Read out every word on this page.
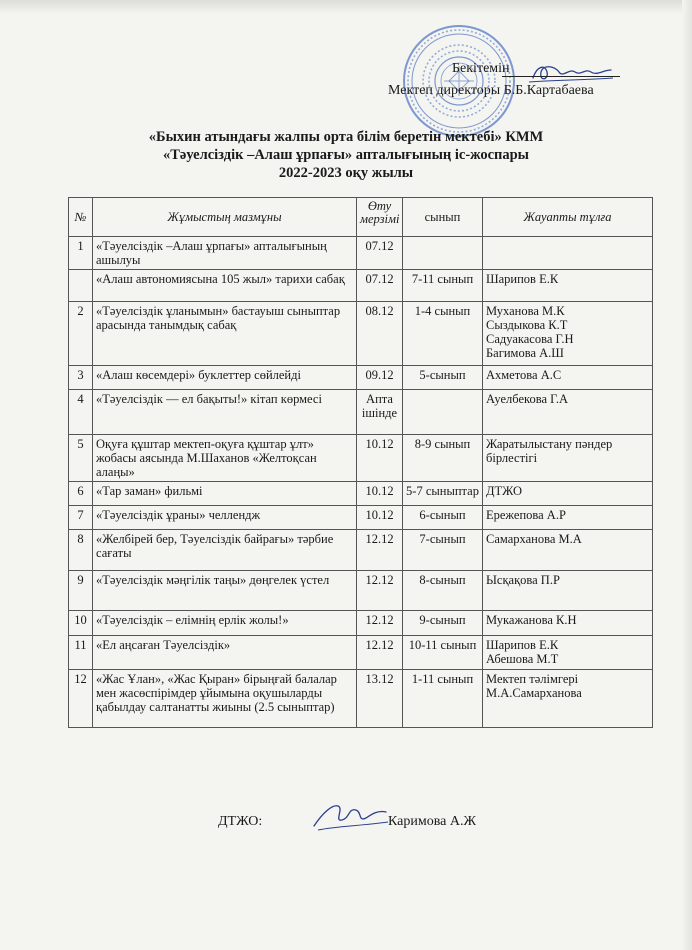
Бекітемін
Мектеп директоры Б.Б.Картабаева
«Быхин атындағы жалпы орта білім беретін мектебі» КММ
«Тәуелсіздік –Алаш ұрпағы» апталығының іс-жоспары
2022-2023 оқу жылы
№	Жұмыстың мазмұны	Өту мерзімі	сынып	Жауапты тұлға
1	«Тәуелсіздік –Алаш ұрпағы» апталығының ашылуы	07.12		
	«Алаш автономиясына 105 жыл» тарихи сабақ	07.12	7-11 сынып	Шарипов Е.К
2	«Тәуелсіздік ұланымын» бастауыш сыныптар арасында танымдық сабақ	08.12	1-4 сынып	Муханова М.К
Сыздыкова К.Т
Садуакасова Г.Н
Багимова А.Ш
3	«Алаш көсемдері» буклеттер сөйлейді	09.12	5-сынып	Ахметова А.С
4	«Тәуелсіздік — ел бақыты!» кітап көрмесі	Апта ішінде		Ауелбекова Г.А
5	Оқуға құштар мектеп-оқуға құштар ұлт» жобасы аясында М.Шаханов «Желтоқсан алаңы»	10.12	8-9 сынып	Жаратылыстану пәндер бірлестігі
6	«Тар заман» фильмі	10.12	5-7 сыныптар	ДТЖО
7	«Тәуелсіздік ұраны» челлендж	10.12	6-сынып	Ережепова А.Р
8	«Желбірей бер, Тәуелсіздік байрағы» тәрбие сағаты	12.12	7-сынып	Самарханова М.А
9	«Тәуелсіздік мәңгілік таңы» дөңгелек үстел	12.12	8-сынып	Ысқақова П.Р
10	«Тәуелсіздік – елімнің ерлік жолы!»	12.12	9-сынып	Мукажанова К.Н
11	«Ел аңсаған Тәуелсіздік»	12.12	10-11 сынып	Шарипов Е.К
Абешова М.Т
12	«Жас Ұлан», «Жас Қыран» бірыңғай балалар мен жасөспірімдер ұйымына оқушыларды қабылдау салтанатты жиыны (2.5 сыныптар)	13.12	1-11 сынып	Мектеп тәлімгері М.А.Самарханова
ДТЖО:	Каримова А.Ж
